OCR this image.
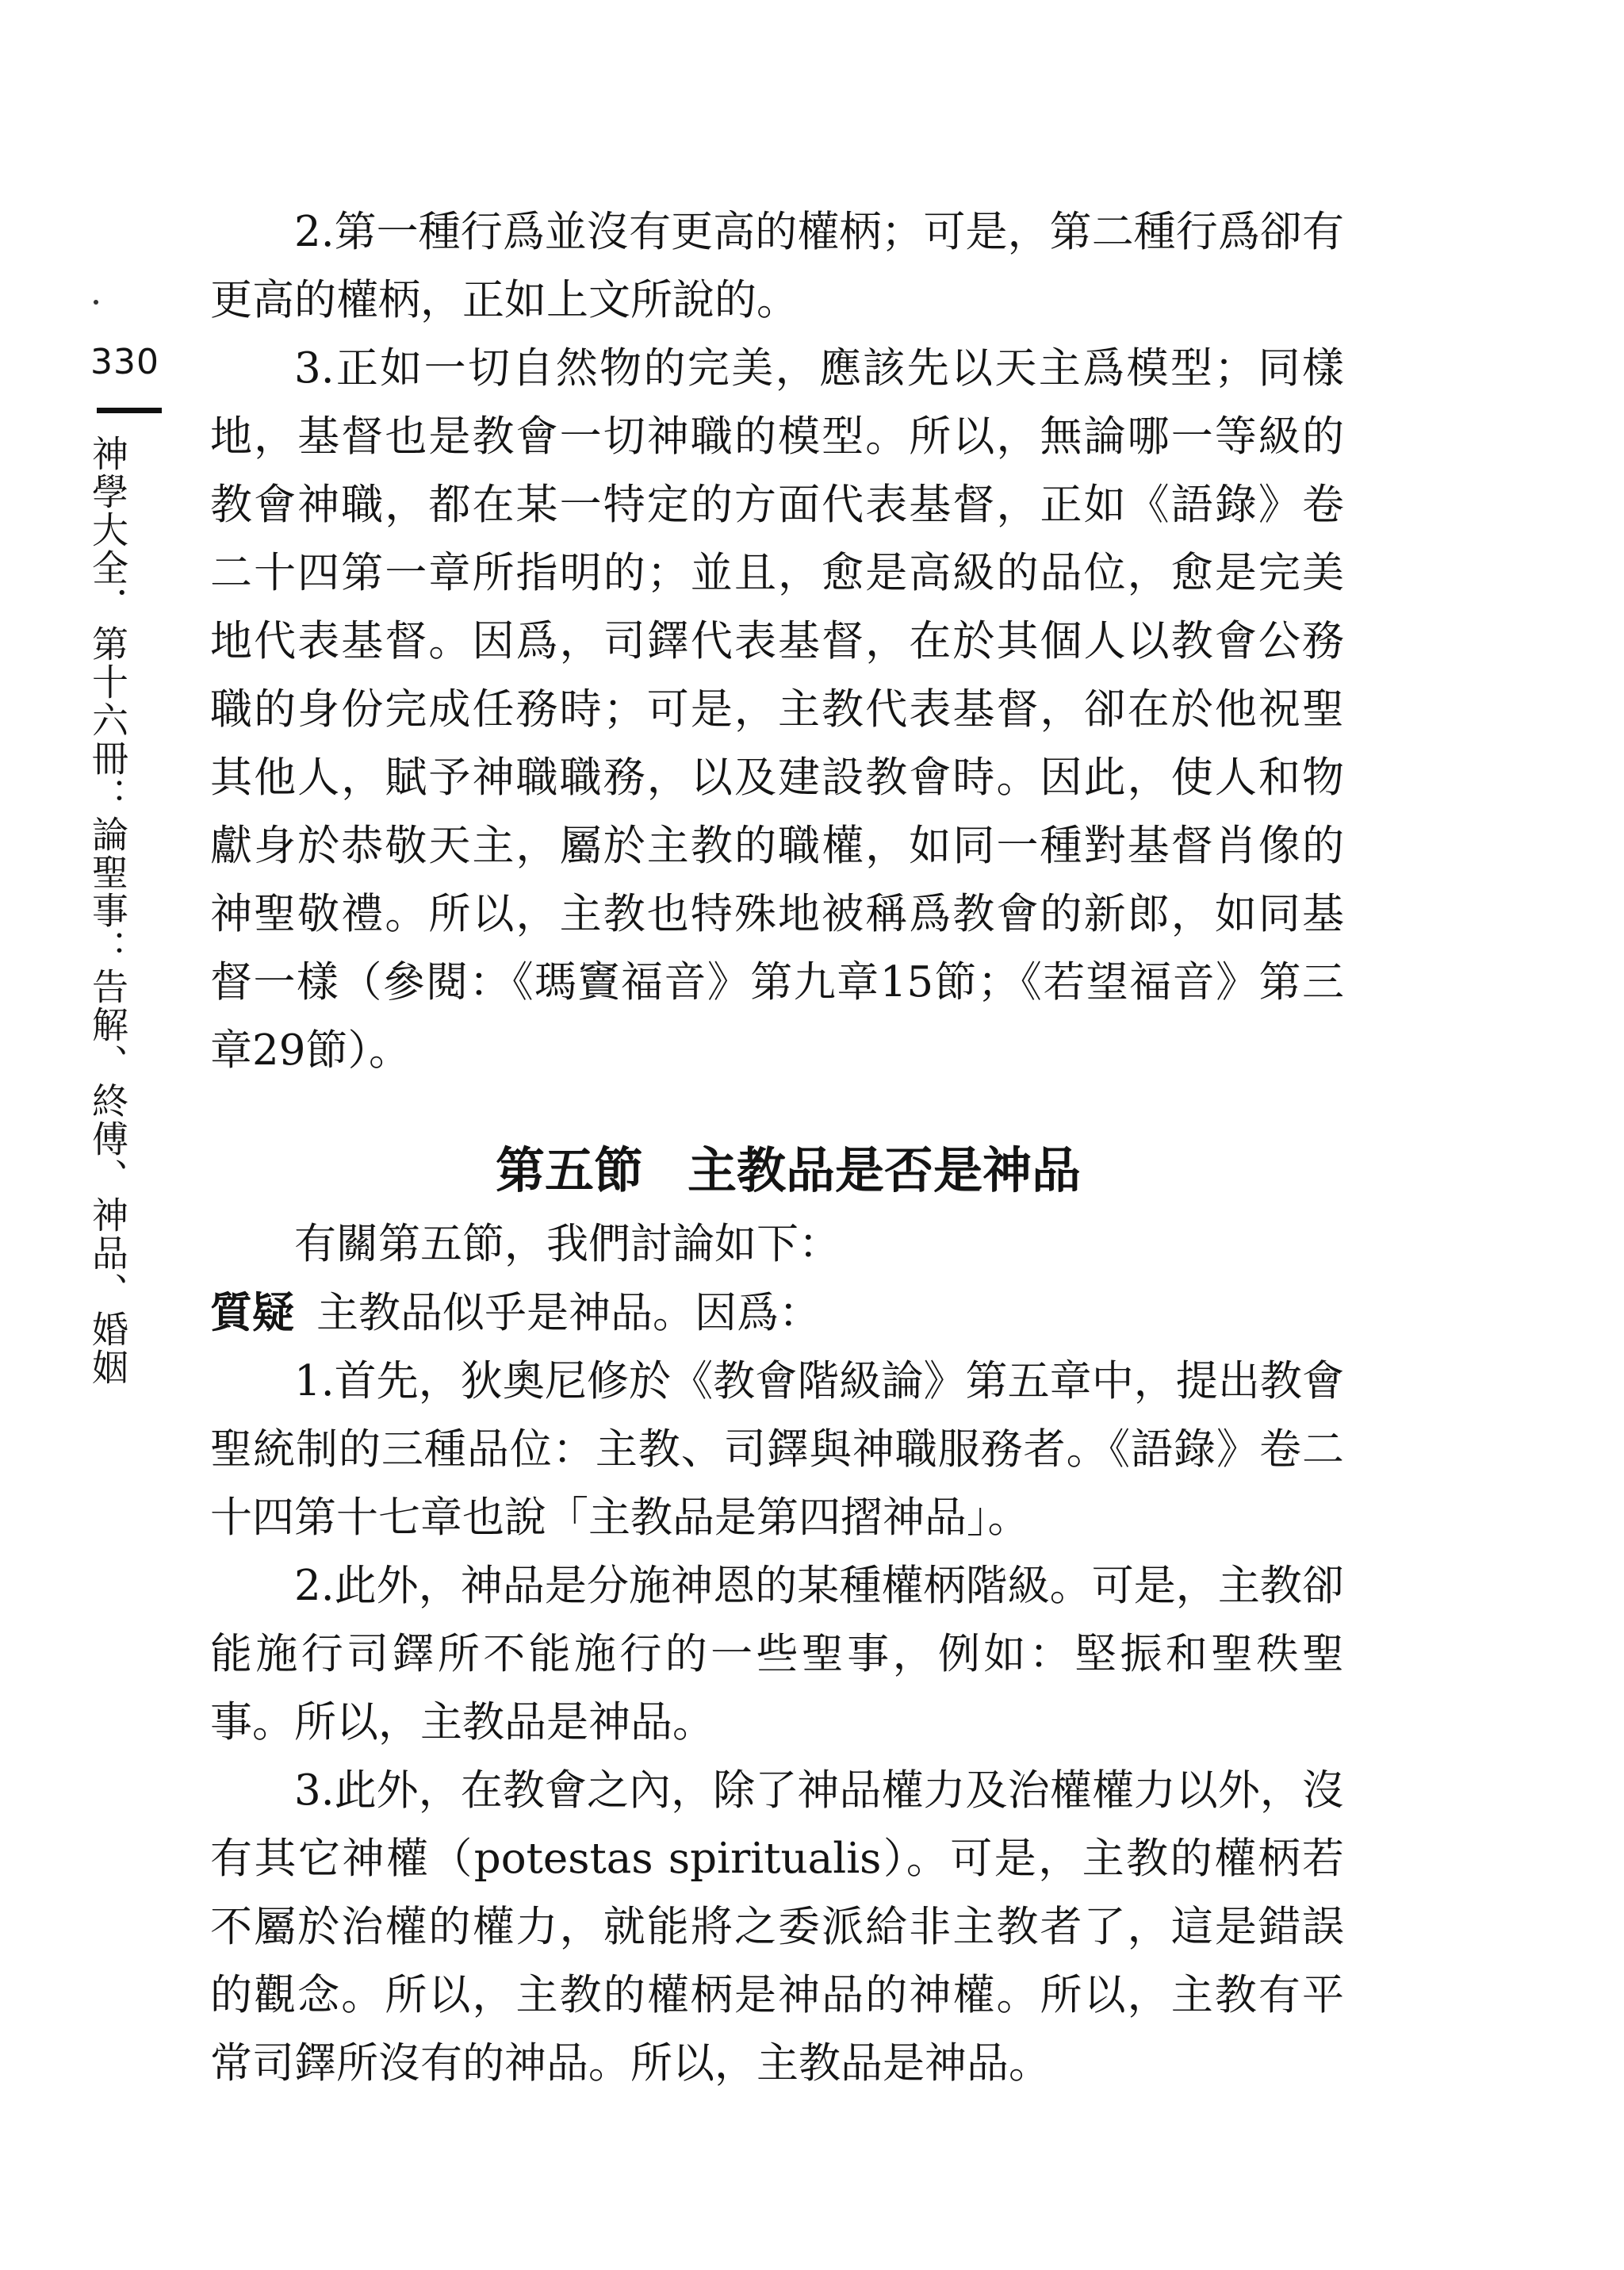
330
神學大全．第十六冊：論聖事：告解、終傅、神品、婚姻

2.第一種行爲並沒有更高的權柄；可是，第二種行爲卻有更高的權柄，正如上文所說的。

3.正如一切自然物的完美，應該先以天主爲模型；同樣地，基督也是教會一切神職的模型。所以，無論哪一等級的教會神職，都在某一特定的方面代表基督，正如《語錄》卷二十四第一章所指明的；並且，愈是高級的品位，愈是完美地代表基督。因爲，司鐸代表基督，在於其個人以教會公務職的身份完成任務時；可是，主教代表基督，卻在於他祝聖其他人，賦予神職職務，以及建設教會時。因此，使人和物獻身於恭敬天主，屬於主教的職權，如同一種對基督肖像的神聖敬禮。所以，主教也特殊地被稱爲教會的新郎，如同基督一樣（參閱：《瑪竇福音》第九章15節；《若望福音》第三章29節）。

第五節 主教品是否是神品

有關第五節，我們討論如下：

質疑 主教品似乎是神品。因爲：

1.首先，狄奧尼修於《教會階級論》第五章中，提出教會聖統制的三種品位：主教、司鐸與神職服務者。《語錄》卷二十四第十七章也說「主教品是第四摺神品」。

2.此外，神品是分施神恩的某種權柄階級。可是，主教卻能施行司鐸所不能施行的一些聖事，例如：堅振和聖秩聖事。所以，主教品是神品。

3.此外，在教會之內，除了神品權力及治權權力以外，沒有其它神權（potestas spiritualis）。可是，主教的權柄若不屬於治權的權力，就能將之委派給非主教者了，這是錯誤的觀念。所以，主教的權柄是神品的神權。所以，主教有平常司鐸所沒有的神品。所以，主教品是神品。
